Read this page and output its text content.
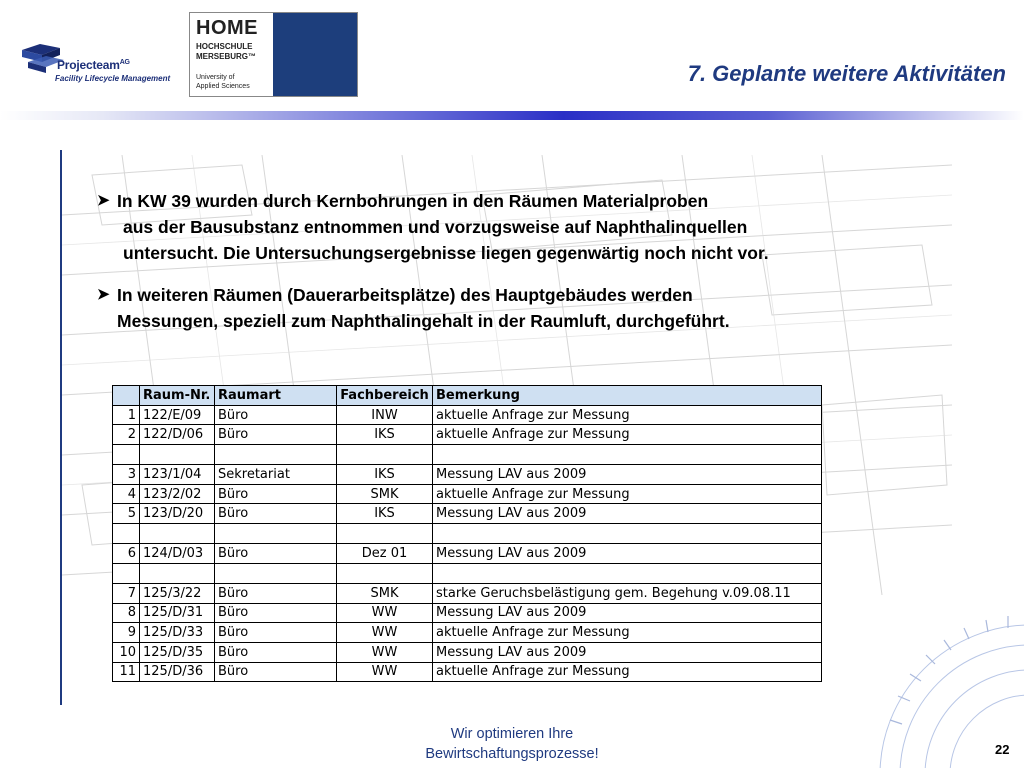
Projecteam$^{AG}$
Facility Lifecycle Management
HOME
HOCHSCHULE
MERSEBURG™
University of
Applied Sciences
7. Geplante weitere Aktivitäten
➤ In KW 39 wurden durch Kernbohrungen in den Räumen Materialproben
aus der Bausubstanz entnommen und vorzugsweise auf Naphthalinquellen
untersucht. Die Untersuchungsergebnisse liegen gegenwärtig noch nicht vor.
➤ In weiteren Räumen (Dauerarbeitsplätze) des Hauptgebäudes werden
Messungen, speziell zum Naphthalingehalt in der Raumluft, durchgeführt.
	Raum-Nr.	Raumart	Fachbereich	Bemerkung
1	122/E/09	Büro	INW	aktuelle Anfrage zur Messung
2	122/D/06	Büro	IKS	aktuelle Anfrage zur Messung

3	123/1/04	Sekretariat	IKS	Messung LAV aus 2009
4	123/2/02	Büro	SMK	aktuelle Anfrage zur Messung
5	123/D/20	Büro	IKS	Messung LAV aus 2009

6	124/D/03	Büro	Dez 01	Messung LAV aus 2009

7	125/3/22	Büro	SMK	starke Geruchsbelästigung gem. Begehung v.09.08.11
8	125/D/31	Büro	WW	Messung LAV aus 2009
9	125/D/33	Büro	WW	aktuelle Anfrage zur Messung
10	125/D/35	Büro	WW	Messung LAV aus 2009
11	125/D/36	Büro	WW	aktuelle Anfrage zur Messung
Wir optimieren Ihre
Bewirtschaftungsprozesse!	22
